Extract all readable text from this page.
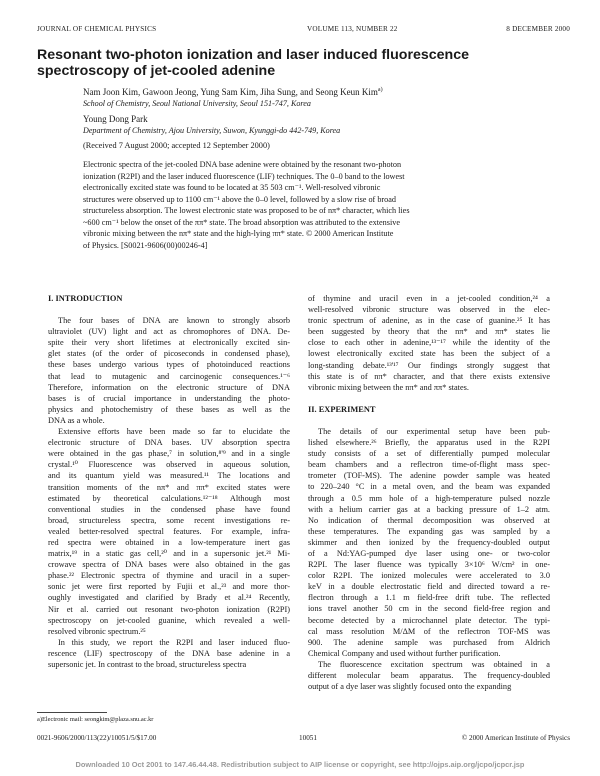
JOURNAL OF CHEMICAL PHYSICS	VOLUME 113, NUMBER 22	8 DECEMBER 2000
Resonant two-photon ionization and laser induced fluorescence
spectroscopy of jet-cooled adenine
Nam Joon Kim, Gawoon Jeong, Yung Sam Kim, Jiha Sung, and Seong Keun Kim$^{a)}$
School of Chemistry, Seoul National University, Seoul 151-747, Korea
Young Dong Park
Department of Chemistry, Ajou University, Suwon, Kyunggi-do 442-749, Korea
(Received 7 August 2000; accepted 12 September 2000)
Electronic spectra of the jet-cooled DNA base adenine were obtained by the resonant two-photon
ionization (R2PI) and the laser induced fluorescence (LIF) techniques. The 0–0 band to the lowest
electronically excited state was found to be located at 35 503 cm⁻¹. Well-resolved vibronic
structures were observed up to 1100 cm⁻¹ above the 0–0 level, followed by a slow rise of broad
structureless absorption. The lowest electronic state was proposed to be of nπ* character, which lies
~600 cm⁻¹ below the onset of the ππ* state. The broad absorption was attributed to the extensive
vibronic mixing between the nπ* state and the high-lying ππ* state. © 2000 American Institute
of Physics. [S0021-9606(00)00246-4]
I. INTRODUCTION
The four bases of DNA are known to strongly absorb
ultraviolet (UV) light and act as chromophores of DNA. De-
spite their very short lifetimes at electronically excited sin-
glet states (of the order of picoseconds in condensed phase),
these bases undergo various types of photoinduced reactions
that lead to mutagenic and carcinogenic consequences.¹⁻⁶
Therefore, information on the electronic structure of DNA
bases is of crucial importance in understanding the photo-
physics and photochemistry of these bases as well as the
DNA as a whole.
Extensive efforts have been made so far to elucidate the
electronic structure of DNA bases. UV absorption spectra
were obtained in the gas phase,⁷ in solution,⁸'⁹ and in a single
crystal.¹⁰ Fluorescence was observed in aqueous solution,
and its quantum yield was measured.¹¹ The locations and
transition moments of the nπ* and ππ* excited states were
estimated by theoretical calculations.¹²⁻¹⁸ Although most
conventional studies in the condensed phase have found
broad, structureless spectra, some recent investigations re-
vealed better-resolved spectral features. For example, infra-
red spectra were obtained in a low-temperature inert gas
matrix,¹⁹ in a static gas cell,²⁰ and in a supersonic jet.²¹ Mi-
crowave spectra of DNA bases were also obtained in the gas
phase.²² Electronic spectra of thymine and uracil in a super-
sonic jet were first reported by Fujii et al.,²³ and more thor-
oughly investigated and clarified by Brady et al.²⁴ Recently,
Nir et al. carried out resonant two-photon ionization (R2PI)
spectroscopy on jet-cooled guanine, which revealed a well-
resolved vibronic spectrum.²⁵
In this study, we report the R2PI and laser induced fluo-
rescence (LIF) spectroscopy of the DNA base adenine in a
supersonic jet. In contrast to the broad, structureless spectra
of thymine and uracil even in a jet-cooled condition,²⁴ a
well-resolved vibronic structure was observed in the elec-
tronic spectrum of adenine, as in the case of guanine.²⁵ It has
been suggested by theory that the nπ* and ππ* states lie
close to each other in adenine,¹³⁻¹⁷ while the identity of the
lowest electronically excited state has been the subject of a
long-standing debate.¹³'¹⁷ Our findings strongly suggest that
this state is of nπ* character, and that there exists extensive
vibronic mixing between the nπ* and ππ* states.
II. EXPERIMENT
The details of our experimental setup have been pub-
lished elsewhere.²⁶ Briefly, the apparatus used in the R2PI
study consists of a set of differentially pumped molecular
beam chambers and a reflectron time-of-flight mass spec-
trometer (TOF-MS). The adenine powder sample was heated
to 220–240 °C in a metal oven, and the beam was expanded
through a 0.5 mm hole of a high-temperature pulsed nozzle
with a helium carrier gas at a backing pressure of 1–2 atm.
No indication of thermal decomposition was observed at
these temperatures. The expanding gas was sampled by a
skimmer and then ionized by the frequency-doubled output
of a Nd:YAG-pumped dye laser using one- or two-color
R2PI. The laser fluence was typically 3×10⁶ W/cm² in one-
color R2PI. The ionized molecules were accelerated to 3.0
keV in a double electrostatic field and directed toward a re-
flectron through a 1.1 m field-free drift tube. The reflected
ions travel another 50 cm in the second field-free region and
become detected by a microchannel plate detector. The typi-
cal mass resolution M/ΔM of the reflectron TOF-MS was
900. The adenine sample was purchased from Aldrich
Chemical Company and used without further purification.
The fluorescence excitation spectrum was obtained in a
different molecular beam apparatus. The frequency-doubled
output of a dye laser was slightly focused onto the expanding
a)Electronic mail: seongkim@plaza.snu.ac.kr
0021-9606/2000/113(22)/10051/5/$17.00	10051	© 2000 American Institute of Physics
Downloaded 10 Oct 2001 to 147.46.44.48. Redistribution subject to AIP license or copyright, see http://ojps.aip.org/jcpo/jcpcr.jsp
